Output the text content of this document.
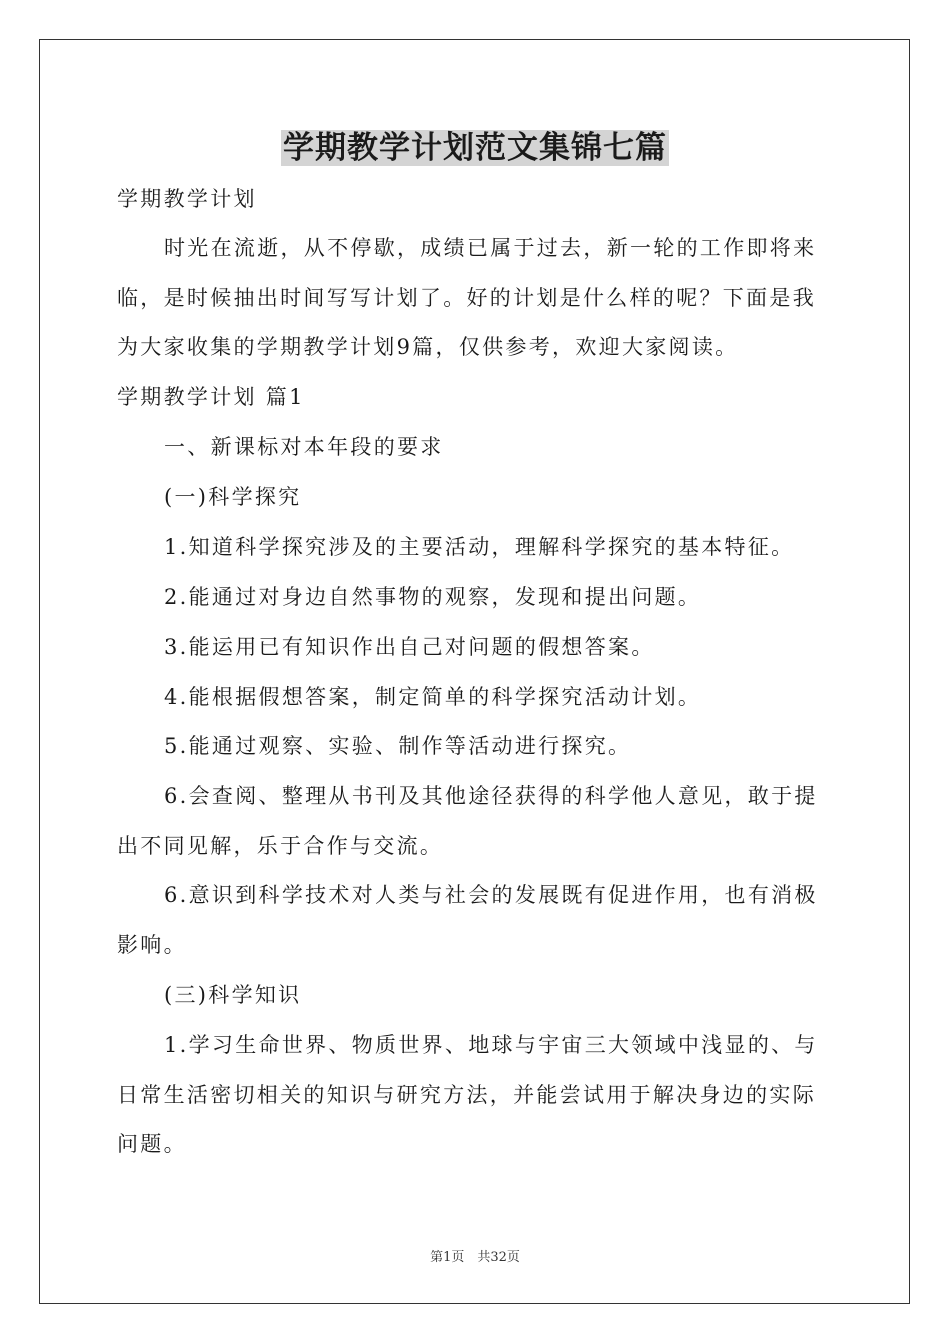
学期教学计划范文集锦七篇
学期教学计划
时光在流逝，从不停歇，成绩已属于过去，新一轮的工作即将来临，是时候抽出时间写写计划了。好的计划是什么样的呢？下面是我为大家收集的学期教学计划9篇，仅供参考，欢迎大家阅读。
学期教学计划 篇1
一、新课标对本年段的要求
(一)科学探究
1.知道科学探究涉及的主要活动，理解科学探究的基本特征。
2.能通过对身边自然事物的观察，发现和提出问题。
3.能运用已有知识作出自己对问题的假想答案。
4.能根据假想答案，制定简单的科学探究活动计划。
5.能通过观察、实验、制作等活动进行探究。
6.会查阅、整理从书刊及其他途径获得的科学他人意见，敢于提出不同见解，乐于合作与交流。
6.意识到科学技术对人类与社会的发展既有促进作用，也有消极影响。
(三)科学知识
1.学习生命世界、物质世界、地球与宇宙三大领域中浅显的、与日常生活密切相关的知识与研究方法，并能尝试用于解决身边的实际问题。
第1页　共32页
